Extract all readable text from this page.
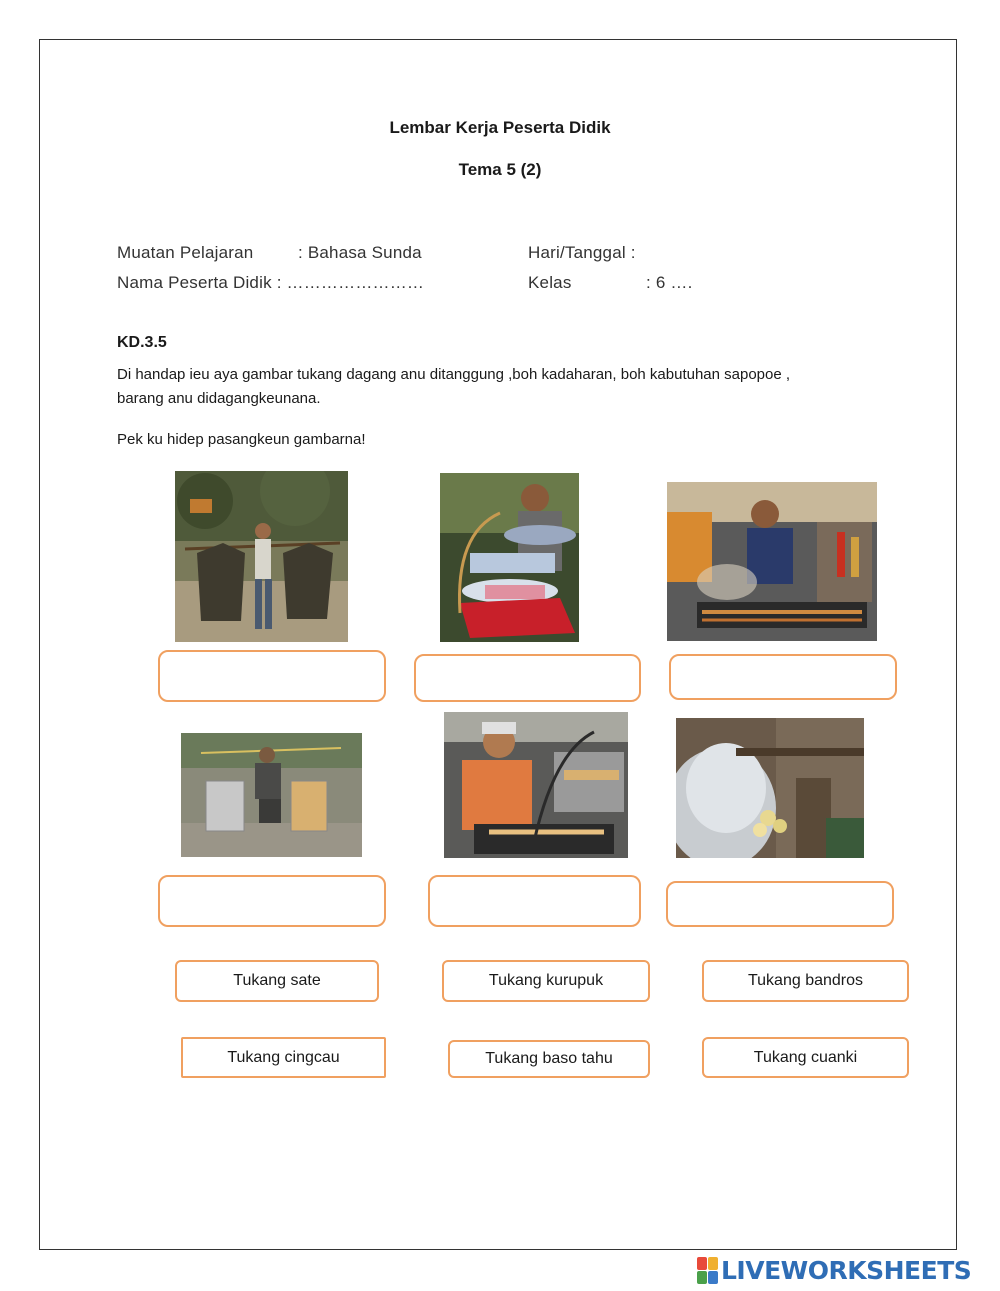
Lembar Kerja Peserta Didik
Tema 5 (2)
Muatan Pelajaran	: Bahasa Sunda	Hari/Tanggal :
Nama Peserta Didik : ……………………	Kelas	: 6 ….
KD.3.5
Di handap ieu aya gambar tukang dagang anu ditanggung ,boh kadaharan, boh kabutuhan sapopoe ,
barang anu didagangkeunana.
Pek ku hidep pasangkeun gambarna!
Tukang sate	Tukang kurupuk	Tukang bandros
Tukang cingcau	Tukang baso tahu	Tukang cuanki
LIVEWORKSHEETS
